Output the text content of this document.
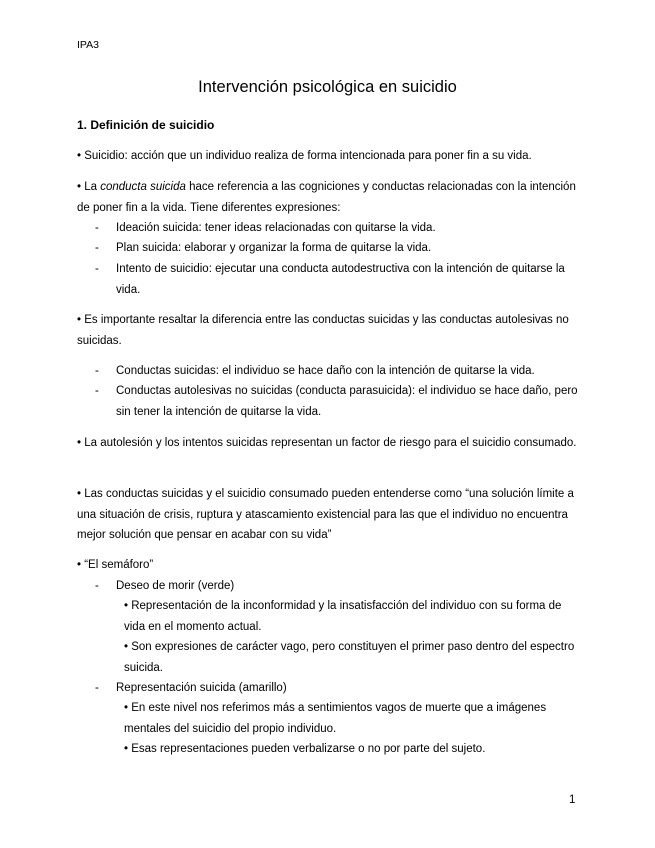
IPA3
Intervención psicológica en suicidio
1. Definición de suicidio
• Suicidio: acción que un individuo realiza de forma intencionada para poner fin a su vida.
• La conducta suicida hace referencia a las cogniciones y conductas relacionadas con la intención de poner fin a la vida. Tiene diferentes expresiones:
- Ideación suicida: tener ideas relacionadas con quitarse la vida.
- Plan suicida: elaborar y organizar la forma de quitarse la vida.
- Intento de suicidio: ejecutar una conducta autodestructiva con la intención de quitarse la vida.
• Es importante resaltar la diferencia entre las conductas suicidas y las conductas autolesivas no suicidas.
- Conductas suicidas: el individuo se hace daño con la intención de quitarse la vida.
- Conductas autolesivas no suicidas (conducta parasuicida): el individuo se hace daño, pero sin tener la intención de quitarse la vida.
• La autolesión y los intentos suicidas representan un factor de riesgo para el suicidio consumado.
• Las conductas suicidas y el suicidio consumado pueden entenderse como “una solución límite a una situación de crisis, ruptura y atascamiento existencial para las que el individuo no encuentra mejor solución que pensar en acabar con su vida”
• “El semáforo”
- Deseo de morir (verde)
• Representación de la inconformidad y la insatisfacción del individuo con su forma de vida en el momento actual.
• Son expresiones de carácter vago, pero constituyen el primer paso dentro del espectro suicida.
- Representación suicida (amarillo)
• En este nivel nos referimos más a sentimientos vagos de muerte que a imágenes mentales del suicidio del propio individuo.
• Esas representaciones pueden verbalizarse o no por parte del sujeto.
1
